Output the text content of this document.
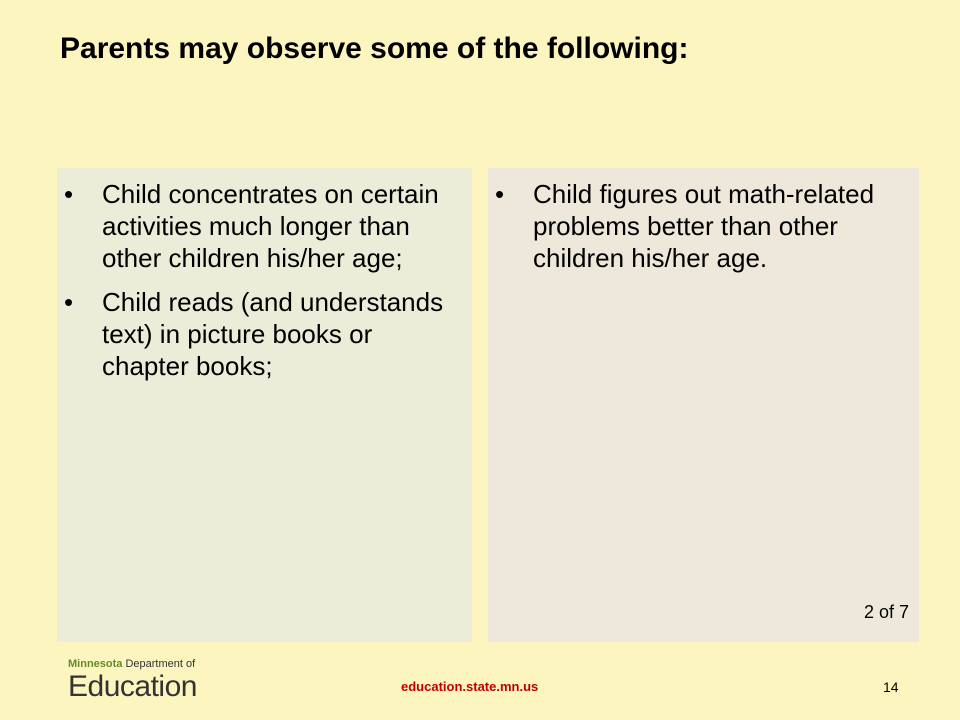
Parents may observe some of the following:
•	Child concentrates on certain activities much longer than other children his/her age;
•	Child reads (and understands text) in picture books or chapter books;
•	Child figures out math-related problems better than other children his/her age.
2 of 7
Minnesota Department of
Education	education.state.mn.us	14
